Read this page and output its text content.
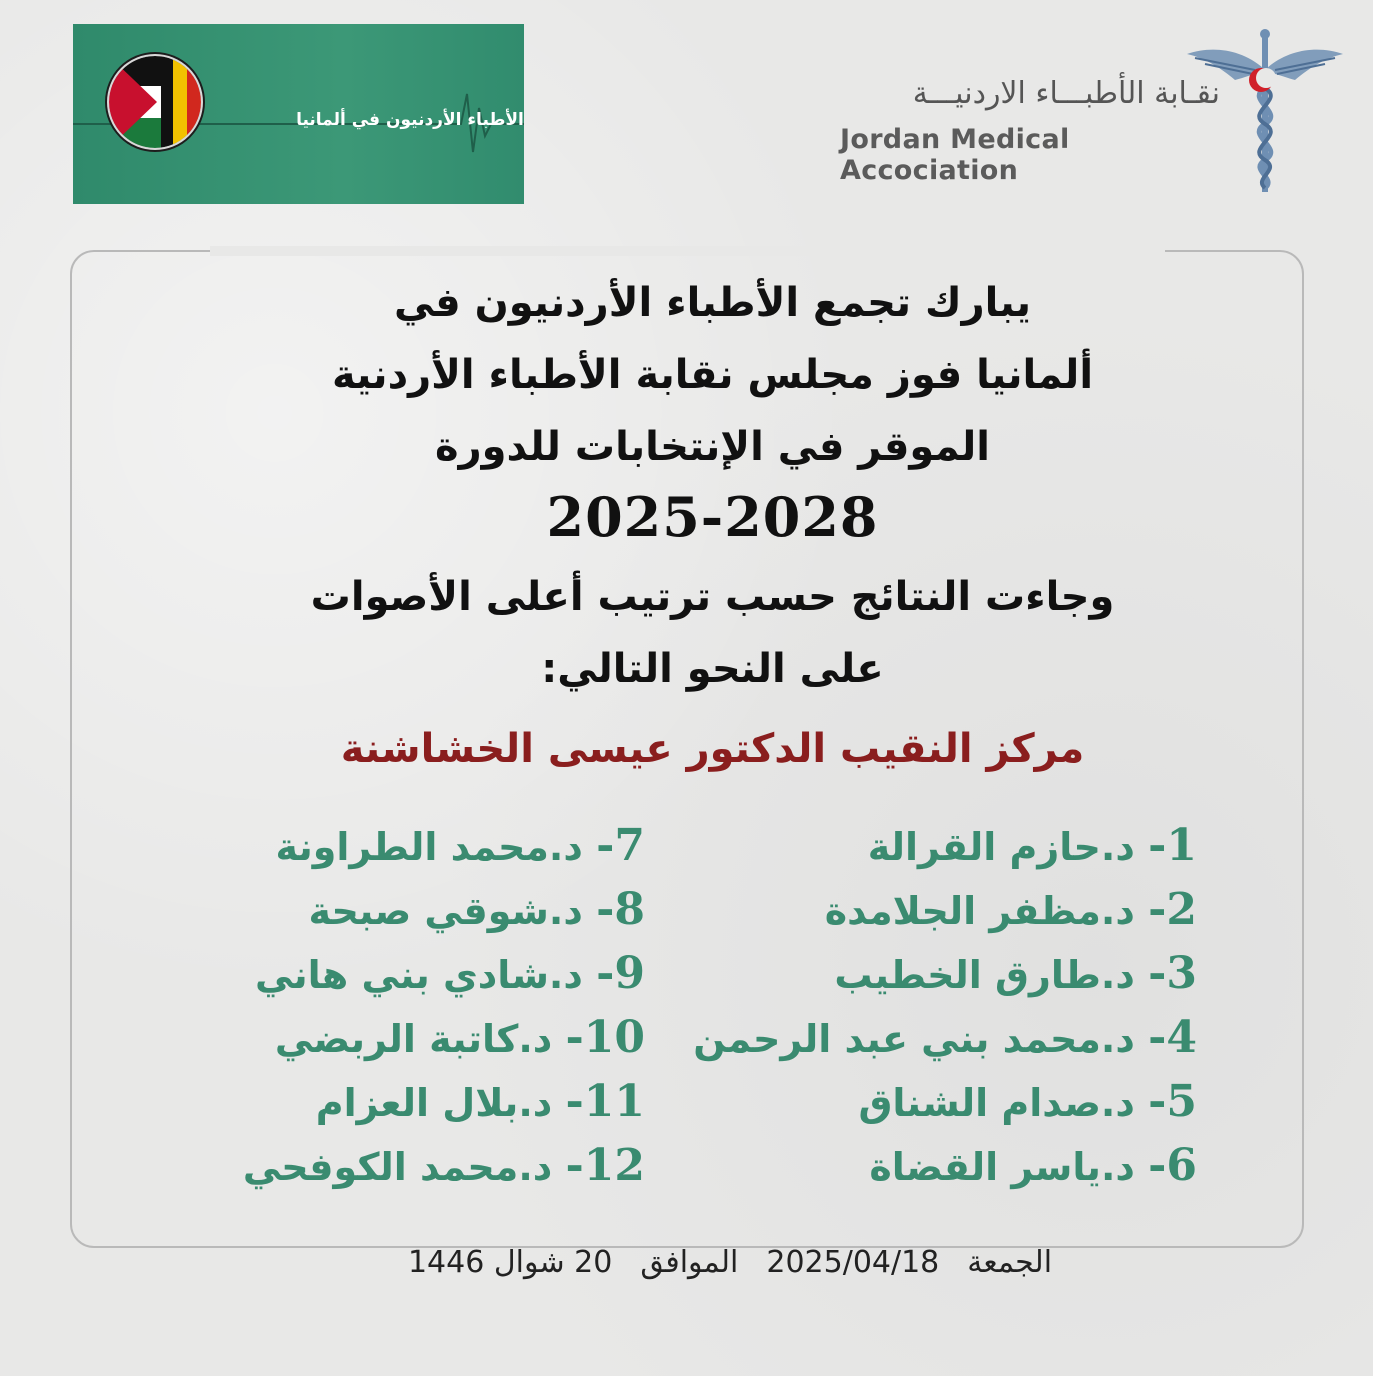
الأطباء الأردنيون في ألمانيا
نقـابة الأطبـــاء الاردنيـــة
Jordan Medical Accociation
يبارك تجمع الأطباء الأردنيون في
ألمانيا فوز مجلس نقابة الأطباء الأردنية
الموقر في الإنتخابات للدورة
2025-2028
وجاءت النتائج حسب ترتيب أعلى الأصوات
على النحو التالي:
مركز النقيب الدكتور عيسى الخشاشنة
1- د.حازم القرالة
2- د.مظفر الجلامدة
3- د.طارق الخطيب
4- د.محمد بني عبد الرحمن
5- د.صدام الشناق
6- د.ياسر القضاة
7- د.محمد الطراونة
8- د.شوقي صبحة
9- د.شادي بني هاني
10- د.كاتبة الربضي
11- د.بلال العزام
12- د.محمد الكوفحي
الجمعة2025/04/18الموافق20 شوال 1446
